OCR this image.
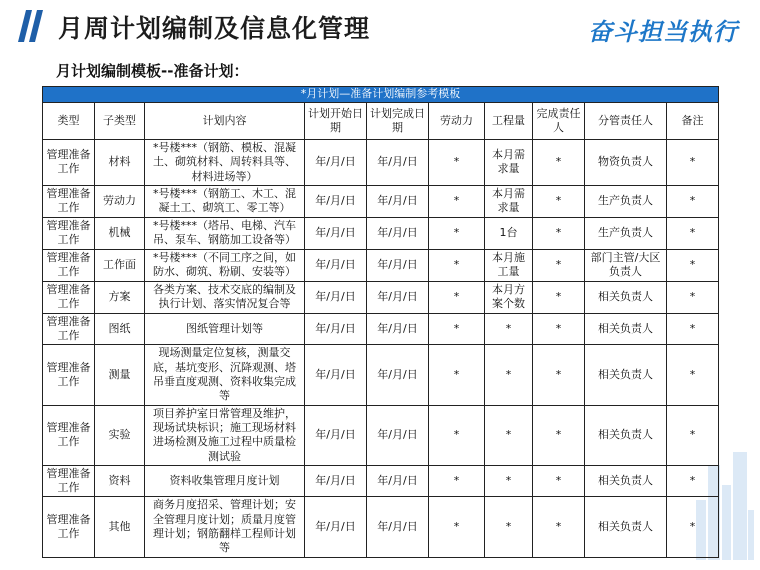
月周计划编制及信息化管理	奋斗担当执行
月计划编制模板--准备计划：
*月计划—准备计划编制参考模板									
类型	子类型	计划内容	计划开始日期	计划完成日期	劳动力	工程量	完成责任人	分管责任人	备注
管理准备工作	材料	*号楼***（钢筋、模板、混凝土、砌筑材料、周转料具等、材料进场等）	年/月/日	年/月/日	*	本月需求量	*	物资负责人	*
管理准备工作	劳动力	*号楼***（钢筋工、木工、混凝土工、砌筑工、零工等）	年/月/日	年/月/日	*	本月需求量	*	生产负责人	*
管理准备工作	机械	*号楼***（塔吊、电梯、汽车吊、泵车、钢筋加工设备等）	年/月/日	年/月/日	*	1台	*	生产负责人	*
管理准备工作	工作面	*号楼***（不同工序之间，如防水、砌筑、粉刷、安装等）	年/月/日	年/月/日	*	本月施工量	*	部门主管/大区负责人	*
管理准备工作	方案	各类方案、技术交底的编制及执行计划、落实情况复合等	年/月/日	年/月/日	*	本月方案个数	*	相关负责人	*
管理准备工作	图纸	图纸管理计划等	年/月/日	年/月/日	*	*	*	相关负责人	*
管理准备工作	测量	现场测量定位复核，测量交底，基坑变形、沉降观测、塔吊垂直度观测、资料收集完成等	年/月/日	年/月/日	*	*	*	相关负责人	*
管理准备工作	实验	项目养护室日常管理及维护，现场试块标识；施工现场材料进场检测及施工过程中质量检测试验	年/月/日	年/月/日	*	*	*	相关负责人	*
管理准备工作	资料	资料收集管理月度计划	年/月/日	年/月/日	*	*	*	相关负责人	*
管理准备工作	其他	商务月度招采、管理计划；安全管理月度计划；质量月度管理计划；钢筋翻样工程师计划等	年/月/日	年/月/日	*	*	*	相关负责人	*
